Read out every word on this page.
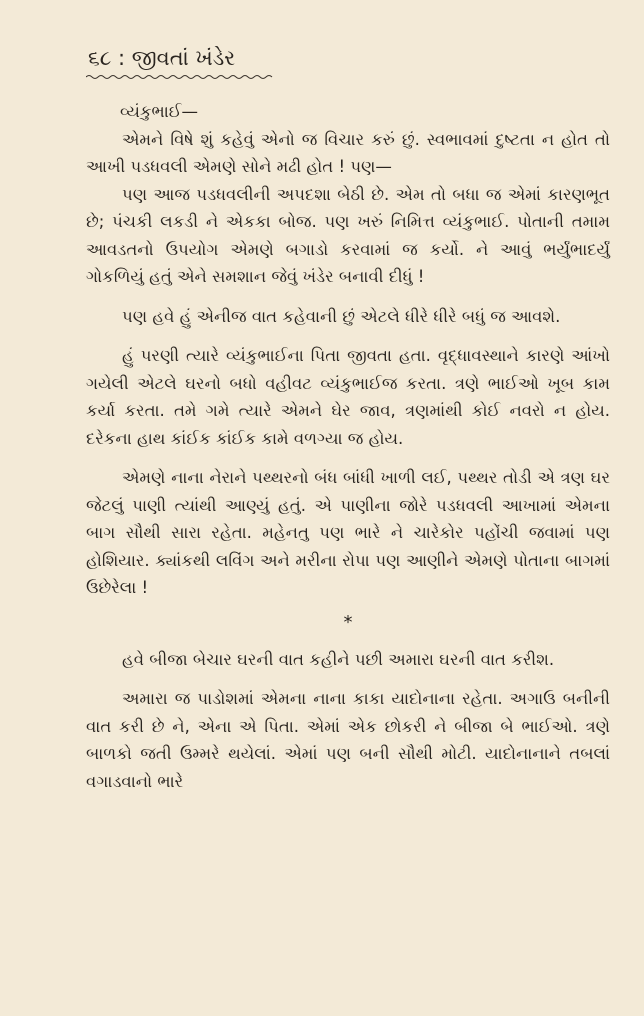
૬૮ : જીવતાં ખંડેર

વ્યંકુભાઈ—

એમને વિષે શું કહેવું એનો જ વિચાર કરું છું. સ્વભાવમાં દુષ્ટતા ન હોત તો આખી પડધવલી એમણે સોને મઢી હોત ! પણ—

પણ આજ પડધવલીની અપદશા બેઠી છે. એમ તો બધા જ એમાં કારણભૂત છે; પંચકી લકડી ને એકકા બોજ. પણ ખરું નિમિત્ત વ્યંકુભાઈ. પોતાની તમામ આવડતનો ઉપયોગ એમણે બગાડો કરવામાં જ કર્યો. ને આવું ભર્યુંભાદર્યું ગોકળિયું હતું એને સમશાન જેવું ખંડેર બનાવી દીધું !

પણ હવે હું એનીજ વાત કહેવાની છું એટલે ધીરે ધીરે બધું જ આવશે.

હું પરણી ત્યારે વ્યંકુભાઈના પિતા જીવતા હતા. વૃદ્ધાવસ્થાને કારણે આંખો ગયેલી એટલે ઘરનો બધો વહીવટ વ્યંકુભાઈજ કરતા. ત્રણે ભાઈઓ ખૂબ કામ કર્યા કરતા. તમે ગમે ત્યારે એમને ઘેર જાવ, ત્રણમાંથી કોઈ નવરો ન હોય. દરેકના હાથ કાંઈક કાંઈક કામે વળગ્યા જ હોય.

એમણે નાના નેરાને પથ્થરનો બંધ બાંધી ખાળી લઈ, પથ્થર તોડી એ ત્રણ ઘર જેટલું પાણી ત્યાંથી આણ્યું હતું. એ પાણીના જોરે પડધવલી આખામાં એમના બાગ સૌથી સારા રહેતા. મહેનતુ પણ ભારે ને ચારેકોર પહોંચી જવામાં પણ હોશિયાર. ક્યાંકથી લવિંગ અને મરીના રોપા પણ આણીને એમણે પોતાના બાગમાં ઉછેરેલા !

*

હવે બીજા બેચાર ઘરની વાત કહીને પછી અમારા ઘરની વાત કરીશ.

અમારા જ પાડોશમાં એમના નાના કાકા યાદોનાના રહેતા. અગાઉ બનીની વાત કરી છે ને, એના એ પિતા. એમાં એક છોકરી ને બીજા બે ભાઈઓ. ત્રણે બાળકો જતી ઉમ્મરે થયેલાં. એમાં પણ બની સૌથી મોટી. યાદોનાનાને તબલાં વગાડવાનો ભારે
